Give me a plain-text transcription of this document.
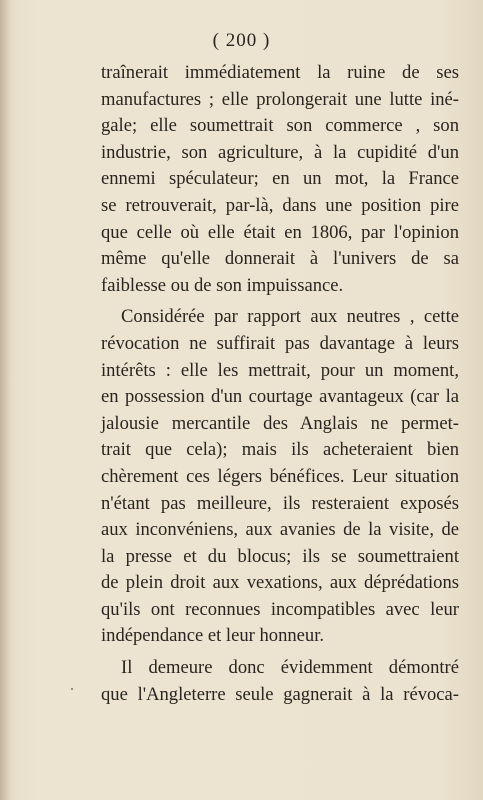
( 200 )
traînerait immédiatement la ruine de ses
manufactures ; elle prolongerait une lutte iné-
gale; elle soumettrait son commerce , son
industrie, son agriculture, à la cupidité d'un
ennemi spéculateur; en un mot, la France
se retrouverait, par-là, dans une position pire
que celle où elle était en 1806, par l'opinion
même qu'elle donnerait à l'univers de sa
faiblesse ou de son impuissance.
Considérée par rapport aux neutres , cette
révocation ne suffirait pas davantage à leurs
intérêts : elle les mettrait, pour un moment,
en possession d'un courtage avantageux (car la
jalousie mercantile des Anglais ne permet-
trait que cela); mais ils acheteraient bien
chèrement ces légers bénéfices. Leur situation
n'étant pas meilleure, ils resteraient exposés
aux inconvéniens, aux avanies de la visite, de
la presse et du blocus; ils se soumettraient
de plein droit aux vexations, aux déprédations
qu'ils ont reconnues incompatibles avec leur
indépendance et leur honneur.
Il demeure donc évidemment démontré
que l'Angleterre seule gagnerait à la révoca-
